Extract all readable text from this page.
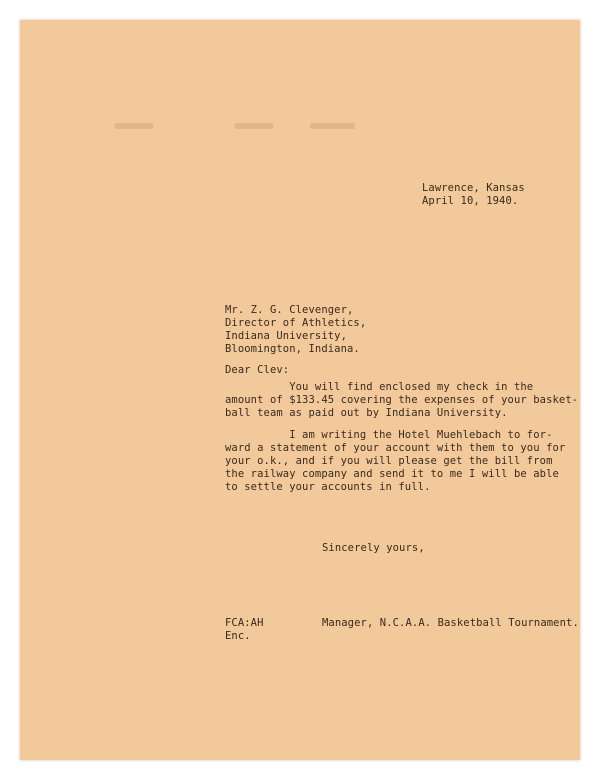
Lawrence, Kansas
April 10, 1940.
Mr. Z. G. Clevenger,
Director of Athletics,
Indiana University,
Bloomington, Indiana.
Dear Clev:
You will find enclosed my check in the
amount of $133.45 covering the expenses of your basket-
ball team as paid out by Indiana University.
I am writing the Hotel Muehlebach to for-
ward a statement of your account with them to you for
your o.k., and if you will please get the bill from
the railway company and send it to me I will be able
to settle your accounts in full.
Sincerely yours,
FCA:AH
Enc.
Manager, N.C.A.A. Basketball Tournament.
